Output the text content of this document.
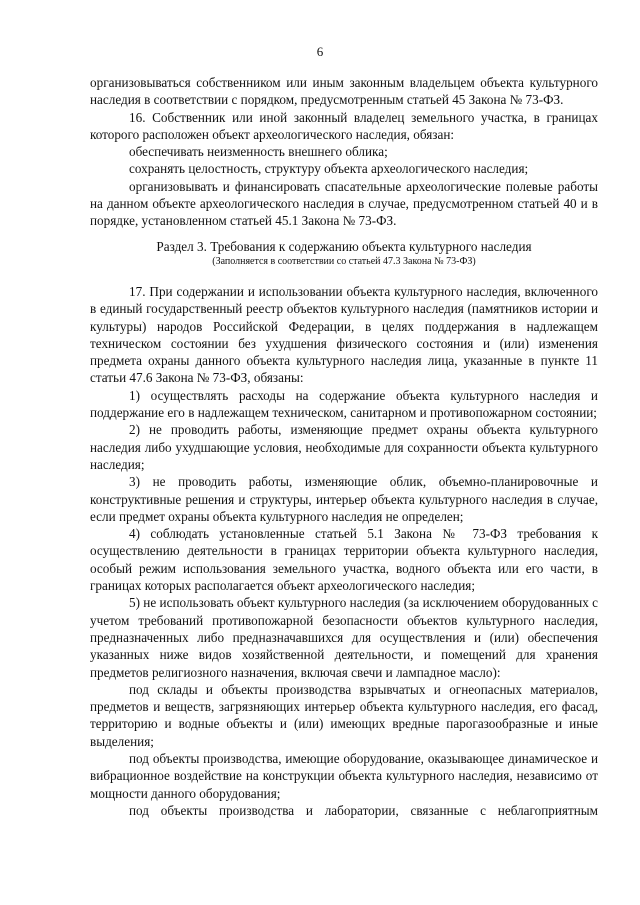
6

организовываться собственником или иным законным владельцем объекта культурного наследия в соответствии с порядком, предусмотренным статьей 45 Закона № 73-ФЗ.

16. Собственник или иной законный владелец земельного участка, в границах которого расположен объект археологического наследия, обязан:

обеспечивать неизменность внешнего облика;

сохранять целостность, структуру объекта археологического наследия;

организовывать и финансировать спасательные археологические полевые работы на данном объекте археологического наследия в случае, предусмотренном статьей 40 и в порядке, установленном статьей 45.1 Закона № 73-ФЗ.

Раздел 3. Требования к содержанию объекта культурного наследия

(Заполняется в соответствии со статьей 47.3 Закона № 73-ФЗ)

17. При содержании и использовании объекта культурного наследия, включенного в единый государственный реестр объектов культурного наследия (памятников истории и культуры) народов Российской Федерации, в целях поддержания в надлежащем техническом состоянии без ухудшения физического состояния и (или) изменения предмета охраны данного объекта культурного наследия лица, указанные в пункте 11 статьи 47.6 Закона № 73-ФЗ, обязаны:

1) осуществлять расходы на содержание объекта культурного наследия и поддержание его в надлежащем техническом, санитарном и противопожарном состоянии;

2) не проводить работы, изменяющие предмет охраны объекта культурного наследия либо ухудшающие условия, необходимые для сохранности объекта культурного наследия;

3) не проводить работы, изменяющие облик, объемно-планировочные и конструктивные решения и структуры, интерьер объекта культурного наследия в случае, если предмет охраны объекта культурного наследия не определен;

4) соблюдать установленные статьей 5.1 Закона № 73-ФЗ требования к осуществлению деятельности в границах территории объекта культурного наследия, особый режим использования земельного участка, водного объекта или его части, в границах которых располагается объект археологического наследия;

5) не использовать объект культурного наследия (за исключением оборудованных с учетом требований противопожарной безопасности объектов культурного наследия, предназначенных либо предназначавшихся для осуществления и (или) обеспечения указанных ниже видов хозяйственной деятельности, и помещений для хранения предметов религиозного назначения, включая свечи и лампадное масло):

под склады и объекты производства взрывчатых и огнеопасных материалов, предметов и веществ, загрязняющих интерьер объекта культурного наследия, его фасад, территорию и водные объекты и (или) имеющих вредные парогазообразные и иные выделения;

под объекты производства, имеющие оборудование, оказывающее динамическое и вибрационное воздействие на конструкции объекта культурного наследия, независимо от мощности данного оборудования;

под объекты производства и лаборатории, связанные с неблагоприятным
